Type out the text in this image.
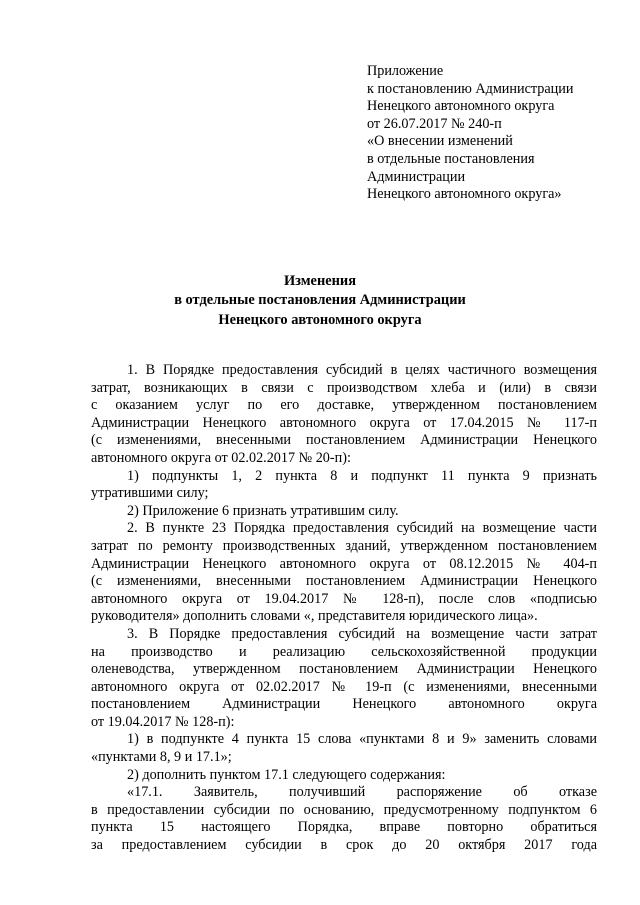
Приложение
к постановлению Администрации
Ненецкого автономного округа
от 26.07.2017 № 240-п
«О внесении изменений
в отдельные постановления
Администрации
Ненецкого автономного округа»
Изменения
в отдельные постановления Администрации
Ненецкого автономного округа
1. В Порядке предоставления субсидий в целях частичного возмещения
затрат, возникающих в связи с производством хлеба и (или) в связи
с оказанием услуг по его доставке, утвержденном постановлением
Администрации Ненецкого автономного округа от 17.04.2015 № 117-п
(с изменениями, внесенными постановлением Администрации Ненецкого
автономного округа от 02.02.2017 № 20-п):
1) подпункты 1, 2 пункта 8 и подпункт 11 пункта 9 признать
утратившими силу;
2) Приложение 6 признать утратившим силу.
2. В пункте 23 Порядка предоставления субсидий на возмещение части
затрат по ремонту производственных зданий, утвержденном постановлением
Администрации Ненецкого автономного округа от 08.12.2015 № 404-п
(с изменениями, внесенными постановлением Администрации Ненецкого
автономного округа от 19.04.2017 № 128-п), после слов «подписью
руководителя» дополнить словами «, представителя юридического лица».
3. В Порядке предоставления субсидий на возмещение части затрат
на производство и реализацию сельскохозяйственной продукции
оленеводства, утвержденном постановлением Администрации Ненецкого
автономного округа от 02.02.2017 № 19-п (с изменениями, внесенными
постановлением Администрации Ненецкого автономного округа
от 19.04.2017 № 128-п):
1) в подпункте 4 пункта 15 слова «пунктами 8 и 9» заменить словами
«пунктами 8, 9 и 17.1»;
2) дополнить пунктом 17.1 следующего содержания:
«17.1. Заявитель, получивший распоряжение об отказе
в предоставлении субсидии по основанию, предусмотренному подпунктом 6
пункта 15 настоящего Порядка, вправе повторно обратиться
за предоставлением субсидии в срок до 20 октября 2017 года
